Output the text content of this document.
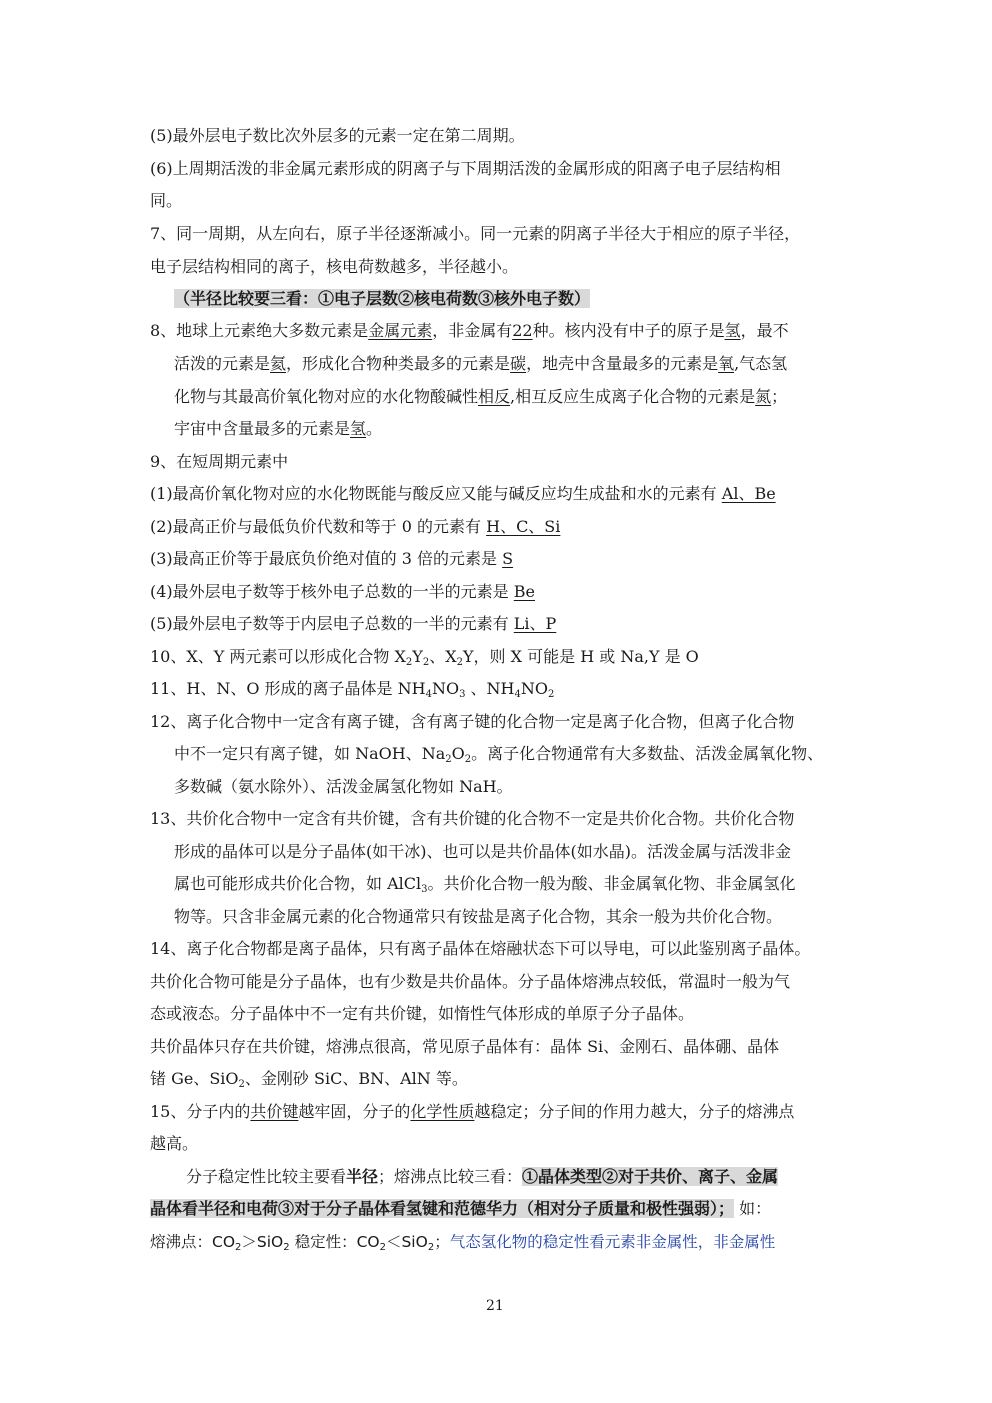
(5)最外层电子数比次外层多的元素一定在第二周期。
(6)上周期活泼的非金属元素形成的阴离子与下周期活泼的金属形成的阳离子电子层结构相
同。
7、同一周期，从左向右，原子半径逐渐减小。同一元素的阴离子半径大于相应的原子半径，
电子层结构相同的离子，核电荷数越多，半径越小。
（半径比较要三看：①电子层数②核电荷数③核外电子数）
8、地球上元素绝大多数元素是金属元素，非金属有22种。核内没有中子的原子是氢，最不
活泼的元素是氦，形成化合物种类最多的元素是碳，地壳中含量最多的元素是氧,气态氢
化物与其最高价氧化物对应的水化物酸碱性相反,相互反应生成离子化合物的元素是氮；
宇宙中含量最多的元素是氢。
9、在短周期元素中
(1)最高价氧化物对应的水化物既能与酸反应又能与碱反应均生成盐和水的元素有 Al、Be
(2)最高正价与最低负价代数和等于 0 的元素有 H、C、Si
(3)最高正价等于最底负价绝对值的 3 倍的元素是 S
(4)最外层电子数等于核外电子总数的一半的元素是 Be
(5)最外层电子数等于内层电子总数的一半的元素有 Li、P
10、X、Y 两元素可以形成化合物 $X_2Y_2$、$X_2Y$，则 X 可能是 H 或 Na,Y 是 O
11、H、N、O 形成的离子晶体是 $NH_4NO_3$ 、$NH_4NO_2$
12、离子化合物中一定含有离子键，含有离子键的化合物一定是离子化合物，但离子化合物
中不一定只有离子键，如 NaOH、$Na_2O_2$。离子化合物通常有大多数盐、活泼金属氧化物、
多数碱（氨水除外）、活泼金属氢化物如 NaH。
13、共价化合物中一定含有共价键，含有共价键的化合物不一定是共价化合物。共价化合物
形成的晶体可以是分子晶体(如干冰)、也可以是共价晶体(如水晶)。活泼金属与活泼非金
属也可能形成共价化合物，如 AlCl$_3$。共价化合物一般为酸、非金属氧化物、非金属氢化
物等。只含非金属元素的化合物通常只有铵盐是离子化合物，其余一般为共价化合物。
14、离子化合物都是离子晶体，只有离子晶体在熔融状态下可以导电，可以此鉴别离子晶体。
共价化合物可能是分子晶体，也有少数是共价晶体。分子晶体熔沸点较低，常温时一般为气
态或液态。分子晶体中不一定有共价键，如惰性气体形成的单原子分子晶体。
共价晶体只存在共价键，熔沸点很高，常见原子晶体有：晶体 Si、金刚石、晶体硼、晶体
锗 Ge、SiO$_2$、金刚砂 SiC、BN、AlN 等。
15、分子内的共价键越牢固，分子的化学性质越稳定；分子间的作用力越大，分子的熔沸点
越高。
分子稳定性比较主要看半径；熔沸点比较三看：①晶体类型②对于共价、离子、金属
晶体看半径和电荷③对于分子晶体看氢键和范德华力（相对分子质量和极性强弱）； 如：
熔沸点：$CO_2>SiO_2$ 稳定性：$CO_2<SiO_2$；气态氢化物的稳定性看元素非金属性，非金属性
21
